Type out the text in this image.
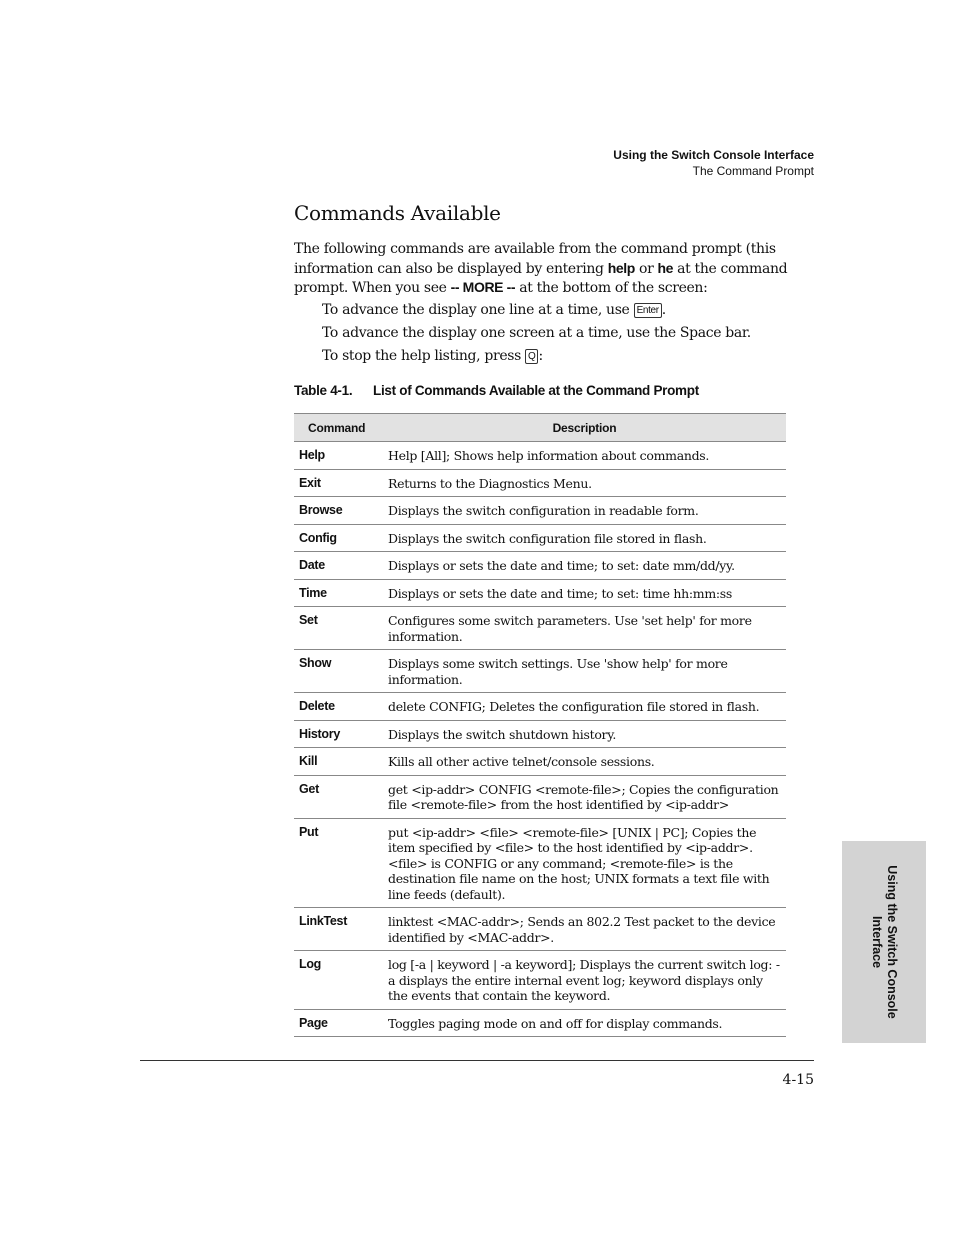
Using the Switch Console Interface
The Command Prompt
Commands Available
The following commands are available from the command prompt (this information can also be displayed by entering help or he at the command prompt. When you see -- MORE -- at the bottom of the screen:
To advance the display one line at a time, use Enter .
To advance the display one screen at a time, use the Space bar.
To stop the help listing, press Q :
Table 4-1. List of Commands Available at the Command Prompt
Command	Description
Help	Help [All]; Shows help information about commands.
Exit	Returns to the Diagnostics Menu.
Browse	Displays the switch configuration in readable form.
Config	Displays the switch configuration file stored in flash.
Date	Displays or sets the date and time; to set: date mm/dd/yy.
Time	Displays or sets the date and time; to set: time hh:mm:ss
Set	Configures some switch parameters. Use 'set help' for more information.
Show	Displays some switch settings. Use 'show help' for more information.
Delete	delete CONFIG; Deletes the configuration file stored in flash.
History	Displays the switch shutdown history.
Kill	Kills all other active telnet/console sessions.
Get	get <ip-addr> CONFIG <remote-file>; Copies the configuration file <remote-file> from the host identified by <ip-addr>
Put	put <ip-addr> <file> <remote-file> [UNIX | PC]; Copies the item specified by <file> to the host identified by <ip-addr>. <file> is CONFIG or any command; <remote-file> is the destination file name on the host; UNIX formats a text file with line feeds (default).
LinkTest	linktest <MAC-addr>; Sends an 802.2 Test packet to the device identified by <MAC-addr>.
Log	log [-a | keyword | -a keyword]; Displays the current switch log: -a displays the entire internal event log; keyword displays only the events that contain the keyword.
Page	Toggles paging mode on and off for display commands.
Using the Switch Console Interface
4-15
